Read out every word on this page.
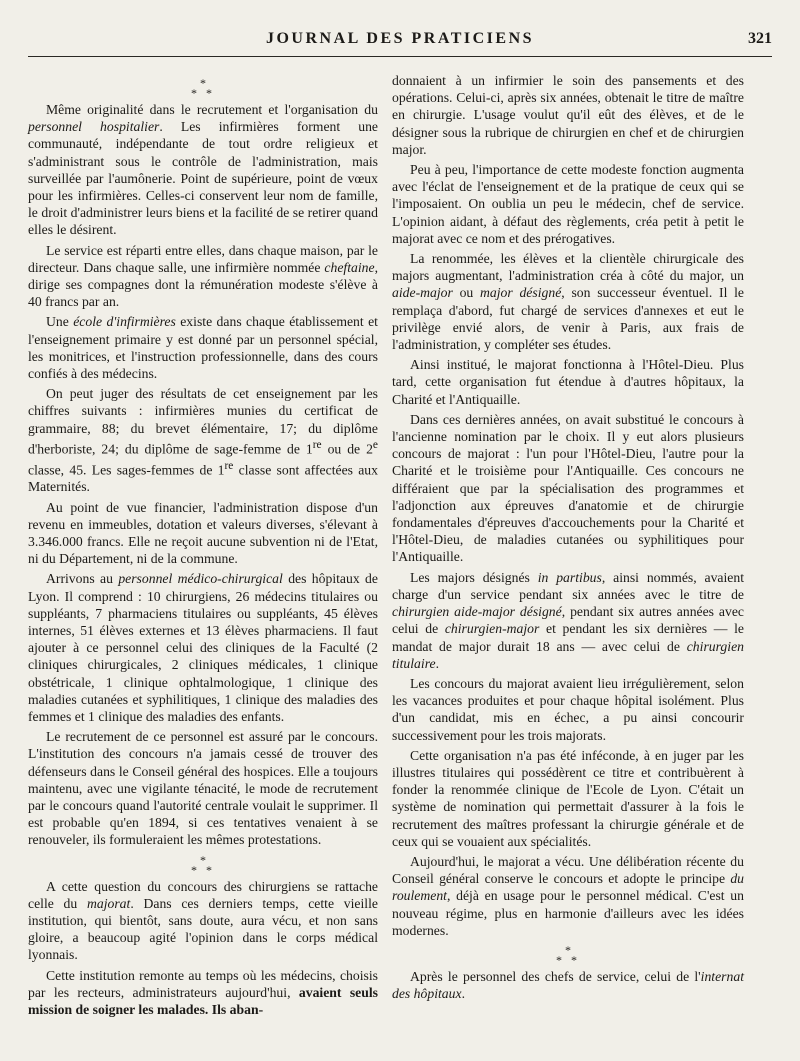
JOURNAL DES PRATICIENS	321
*
* *

Même originalité dans le recrutement et l'organisation du personnel hospitalier. Les infirmières forment une communauté, indépendante de tout ordre religieux et s'administrant sous le contrôle de l'administration, mais surveillée par l'aumônerie. Point de supérieure, point de vœux pour les infirmières. Celles-ci conservent leur nom de famille, le droit d'administrer leurs biens et la facilité de se retirer quand elles le désirent.

Le service est réparti entre elles, dans chaque maison, par le directeur. Dans chaque salle, une infirmière nommée cheftaine, dirige ses compagnes dont la rémunération modeste s'élève à 40 francs par an.

Une école d'infirmières existe dans chaque établissement et l'enseignement primaire y est donné par un personnel spécial, les monitrices, et l'instruction professionnelle, dans des cours confiés à des médecins.

On peut juger des résultats de cet enseignement par les chiffres suivants : infirmières munies du certificat de grammaire, 88; du brevet élémentaire, 17; du diplôme d'herboriste, 24; du diplôme de sage-femme de 1re ou de 2e classe, 45. Les sages-femmes de 1re classe sont affectées aux Maternités.

Au point de vue financier, l'administration dispose d'un revenu en immeubles, dotation et valeurs diverses, s'élevant à 3.346.000 francs. Elle ne reçoit aucune subvention ni de l'Etat, ni du Département, ni de la commune.

Arrivons au personnel médico-chirurgical des hôpitaux de Lyon. Il comprend : 10 chirurgiens, 26 médecins titulaires ou suppléants, 7 pharmaciens titulaires ou suppléants, 45 élèves internes, 51 élèves externes et 13 élèves pharmaciens. Il faut ajouter à ce personnel celui des cliniques de la Faculté (2 cliniques chirurgicales, 2 cliniques médicales, 1 clinique obstétricale, 1 clinique ophtalmologique, 1 clinique des maladies cutanées et syphilitiques, 1 clinique des maladies des femmes et 1 clinique des maladies des enfants.

Le recrutement de ce personnel est assuré par le concours. L'institution des concours n'a jamais cessé de trouver des défenseurs dans le Conseil général des hospices. Elle a toujours maintenu, avec une vigilante ténacité, le mode de recrutement par le concours quand l'autorité centrale voulait le supprimer. Il est probable qu'en 1894, si ces tentatives venaient à se renouveler, ils formuleraient les mêmes protestations.

*
* *

A cette question du concours des chirurgiens se rattache celle du majorat. Dans ces derniers temps, cette vieille institution, qui bientôt, sans doute, aura vécu, et non sans gloire, a beaucoup agité l'opinion dans le corps médical lyonnais.

Cette institution remonte au temps où les médecins, choisis par les recteurs, administrateurs aujourd'hui, avaient seuls mission de soigner les malades. Ils aban-

donnaient à un infirmier le soin des pansements et des opérations. Celui-ci, après six années, obtenait le titre de maître en chirurgie. L'usage voulut qu'il eût des élèves, et de le désigner sous la rubrique de chirurgien en chef et de chirurgien major.

Peu à peu, l'importance de cette modeste fonction augmenta avec l'éclat de l'enseignement et de la pratique de ceux qui se l'imposaient. On oublia un peu le médecin, chef de service. L'opinion aidant, à défaut des règlements, créa petit à petit le majorat avec ce nom et des prérogatives.

La renommée, les élèves et la clientèle chirurgicale des majors augmentant, l'administration créa à côté du major, un aide-major ou major désigné, son successeur éventuel. Il le remplaça d'abord, fut chargé de services d'annexes et eut le privilège envié alors, de venir à Paris, aux frais de l'administration, y compléter ses études.

Ainsi institué, le majorat fonctionna à l'Hôtel-Dieu. Plus tard, cette organisation fut étendue à d'autres hôpitaux, la Charité et l'Antiquaille.

Dans ces dernières années, on avait substitué le concours à l'ancienne nomination par le choix. Il y eut alors plusieurs concours de majorat : l'un pour l'Hôtel-Dieu, l'autre pour la Charité et le troisième pour l'Antiquaille. Ces concours ne différaient que par la spécialisation des programmes et l'adjonction aux épreuves d'anatomie et de chirurgie fondamentales d'épreuves d'accouchements pour la Charité et l'Hôtel-Dieu, de maladies cutanées ou syphilitiques pour l'Antiquaille.

Les majors désignés in partibus, ainsi nommés, avaient charge d'un service pendant six années avec le titre de chirurgien aide-major désigné, pendant six autres années avec celui de chirurgien-major et pendant les six dernières — le mandat de major durait 18 ans — avec celui de chirurgien titulaire.

Les concours du majorat avaient lieu irrégulièrement, selon les vacances produites et pour chaque hôpital isolément. Plus d'un candidat, mis en échec, a pu ainsi concourir successivement pour les trois majorats.

Cette organisation n'a pas été inféconde, à en juger par les illustres titulaires qui possédèrent ce titre et contribuèrent à fonder la renommée clinique de l'Ecole de Lyon. C'était un système de nomination qui permettait d'assurer à la fois le recrutement des maîtres professant la chirurgie générale et de ceux qui se vouaient aux spécialités.

Aujourd'hui, le majorat a vécu. Une délibération récente du Conseil général conserve le concours et adopte le principe du roulement, déjà en usage pour le personnel médical. C'est un nouveau régime, plus en harmonie d'ailleurs avec les idées modernes.

*
* *

Après le personnel des chefs de service, celui de l'internat des hôpitaux.
